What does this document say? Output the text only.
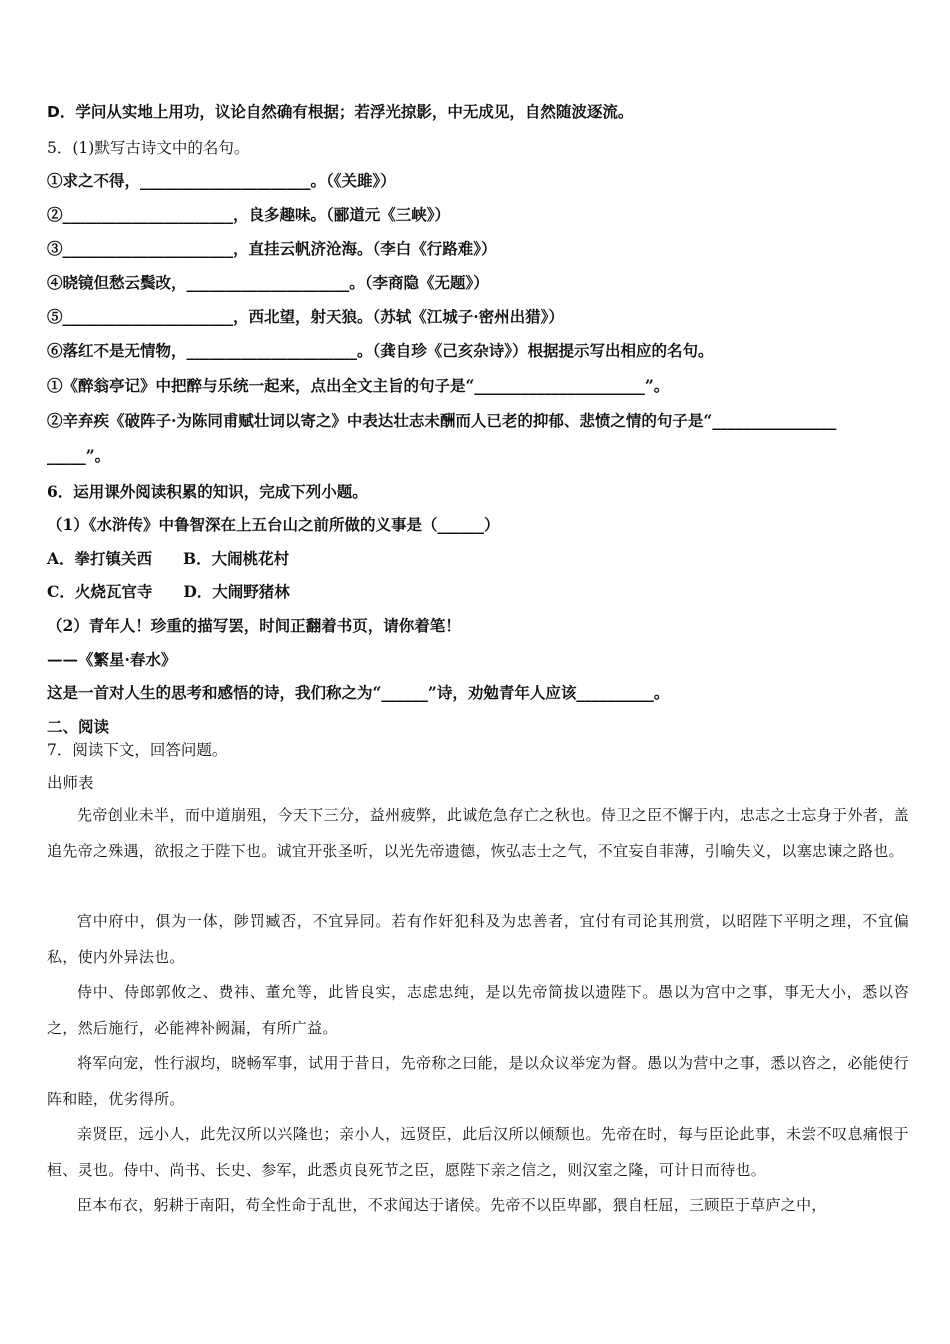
D．学问从实地上用功，议论自然确有根据；若浮光掠影，中无成见，自然随波逐流。
5．(1)默写古诗文中的名句。
①求之不得，______________________。（《关雎》）
②______________________，良多趣味。（郦道元《三峡》）
③______________________，直挂云帆济沧海。（李白《行路难》）
④晓镜但愁云鬓改，_____________________。（李商隐《无题》）
⑤______________________，西北望，射天狼。（苏轼《江城子·密州出猎》）
⑥落红不是无情物，______________________。（龚自珍《己亥杂诗》）根据提示写出相应的名句。
①《醉翁亭记》中把醉与乐统一起来，点出全文主旨的句子是“______________________”。
②辛弃疾《破阵子·为陈同甫赋壮词以寄之》中表达壮志未酬而人已老的抑郁、悲愤之情的句子是“________________
_____”。
6．运用课外阅读积累的知识，完成下列小题。
（1）《水浒传》中鲁智深在上五台山之前所做的义事是（______）
A．拳打镇关西　　B．大闹桃花村
C．火烧瓦官寺　　D．大闹野猪林
（2）青年人！珍重的描写罢，时间正翻着书页，请你着笔！
——《繁星·春水》
这是一首对人生的思考和感悟的诗，我们称之为“______”诗，劝勉青年人应该__________。
二、阅读
7．阅读下文，回答问题。
出师表
先帝创业未半，而中道崩殂，今天下三分，益州疲弊，此诚危急存亡之秋也。侍卫之臣不懈于内，忠志之士忘身于外者，盖追先帝之殊遇，欲报之于陛下也。诚宜开张圣听，以光先帝遗德，恢弘志士之气，不宜妄自菲薄，引喻失义，以塞忠谏之路也。
宫中府中，俱为一体，陟罚臧否，不宜异同。若有作奸犯科及为忠善者，宜付有司论其刑赏，以昭陛下平明之理，不宜偏私，使内外异法也。
侍中、侍郎郭攸之、费祎、董允等，此皆良实，志虑忠纯，是以先帝简拔以遗陛下。愚以为宫中之事，事无大小，悉以咨之，然后施行，必能裨补阙漏，有所广益。
将军向宠，性行淑均，晓畅军事，试用于昔日，先帝称之曰能，是以众议举宠为督。愚以为营中之事，悉以咨之，必能使行阵和睦，优劣得所。
亲贤臣，远小人，此先汉所以兴隆也；亲小人，远贤臣，此后汉所以倾颓也。先帝在时，每与臣论此事，未尝不叹息痛恨于桓、灵也。侍中、尚书、长史、参军，此悉贞良死节之臣，愿陛下亲之信之，则汉室之隆，可计日而待也。
臣本布衣，躬耕于南阳，苟全性命于乱世，不求闻达于诸侯。先帝不以臣卑鄙，猥自枉屈，三顾臣于草庐之中，
